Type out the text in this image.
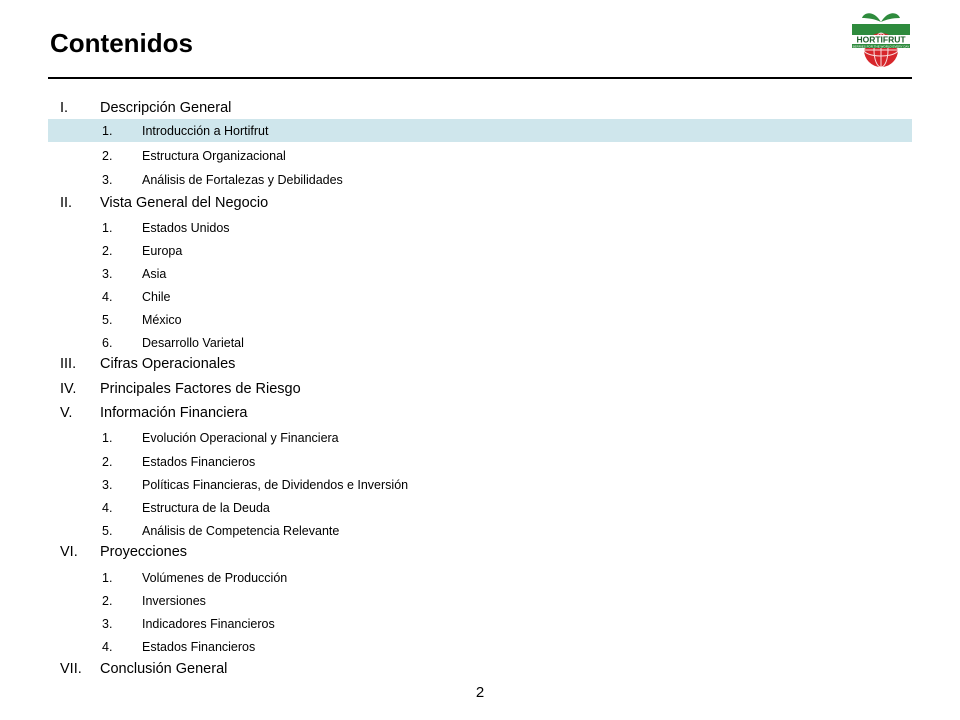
Contenidos	HORTIFRUT
BERRIES FOR THE WORLD EVERY DAY
I. Descripción General
1. Introducción a Hortifrut
2. Estructura Organizacional
3. Análisis de Fortalezas y Debilidades
II. Vista General del Negocio
1. Estados Unidos
2. Europa
3. Asia
4. Chile
5. México
6. Desarrollo Varietal
III. Cifras Operacionales
IV. Principales Factores de Riesgo
V. Información Financiera
1. Evolución Operacional y Financiera
2. Estados Financieros
3. Políticas Financieras, de Dividendos e Inversión
4. Estructura de la Deuda
5. Análisis de Competencia Relevante
VI. Proyecciones
1. Volúmenes de Producción
2. Inversiones
3. Indicadores Financieros
4. Estados Financieros
VII. Conclusión General
2
